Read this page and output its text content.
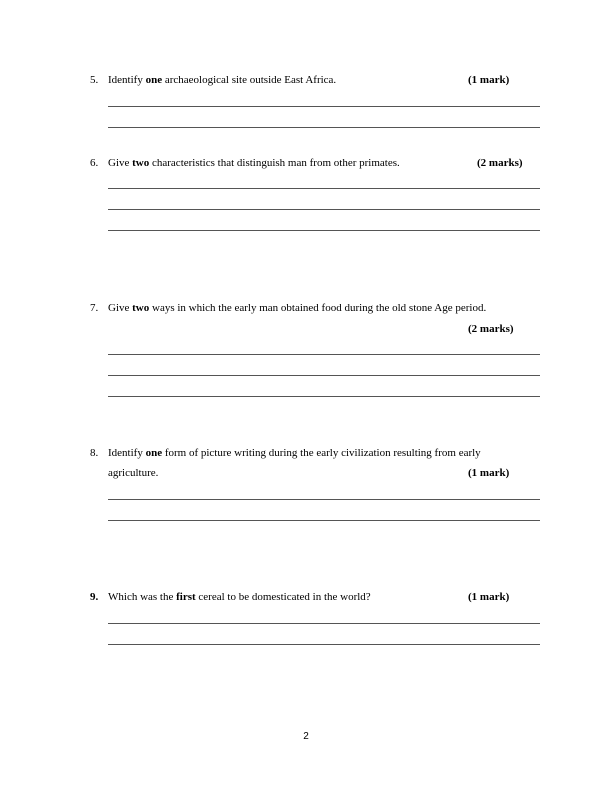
5. Identify one archaeological site outside East Africa.	(1 mark)
6. Give two characteristics that distinguish man from other primates.	(2 marks)
7. Give two ways in which the early man obtained food during the old stone Age period.
(2 marks)
8. Identify one form of picture writing during the early civilization resulting from early
agriculture.	(1 mark)
9. Which was the first cereal to be domesticated in the world?	(1 mark)
2
